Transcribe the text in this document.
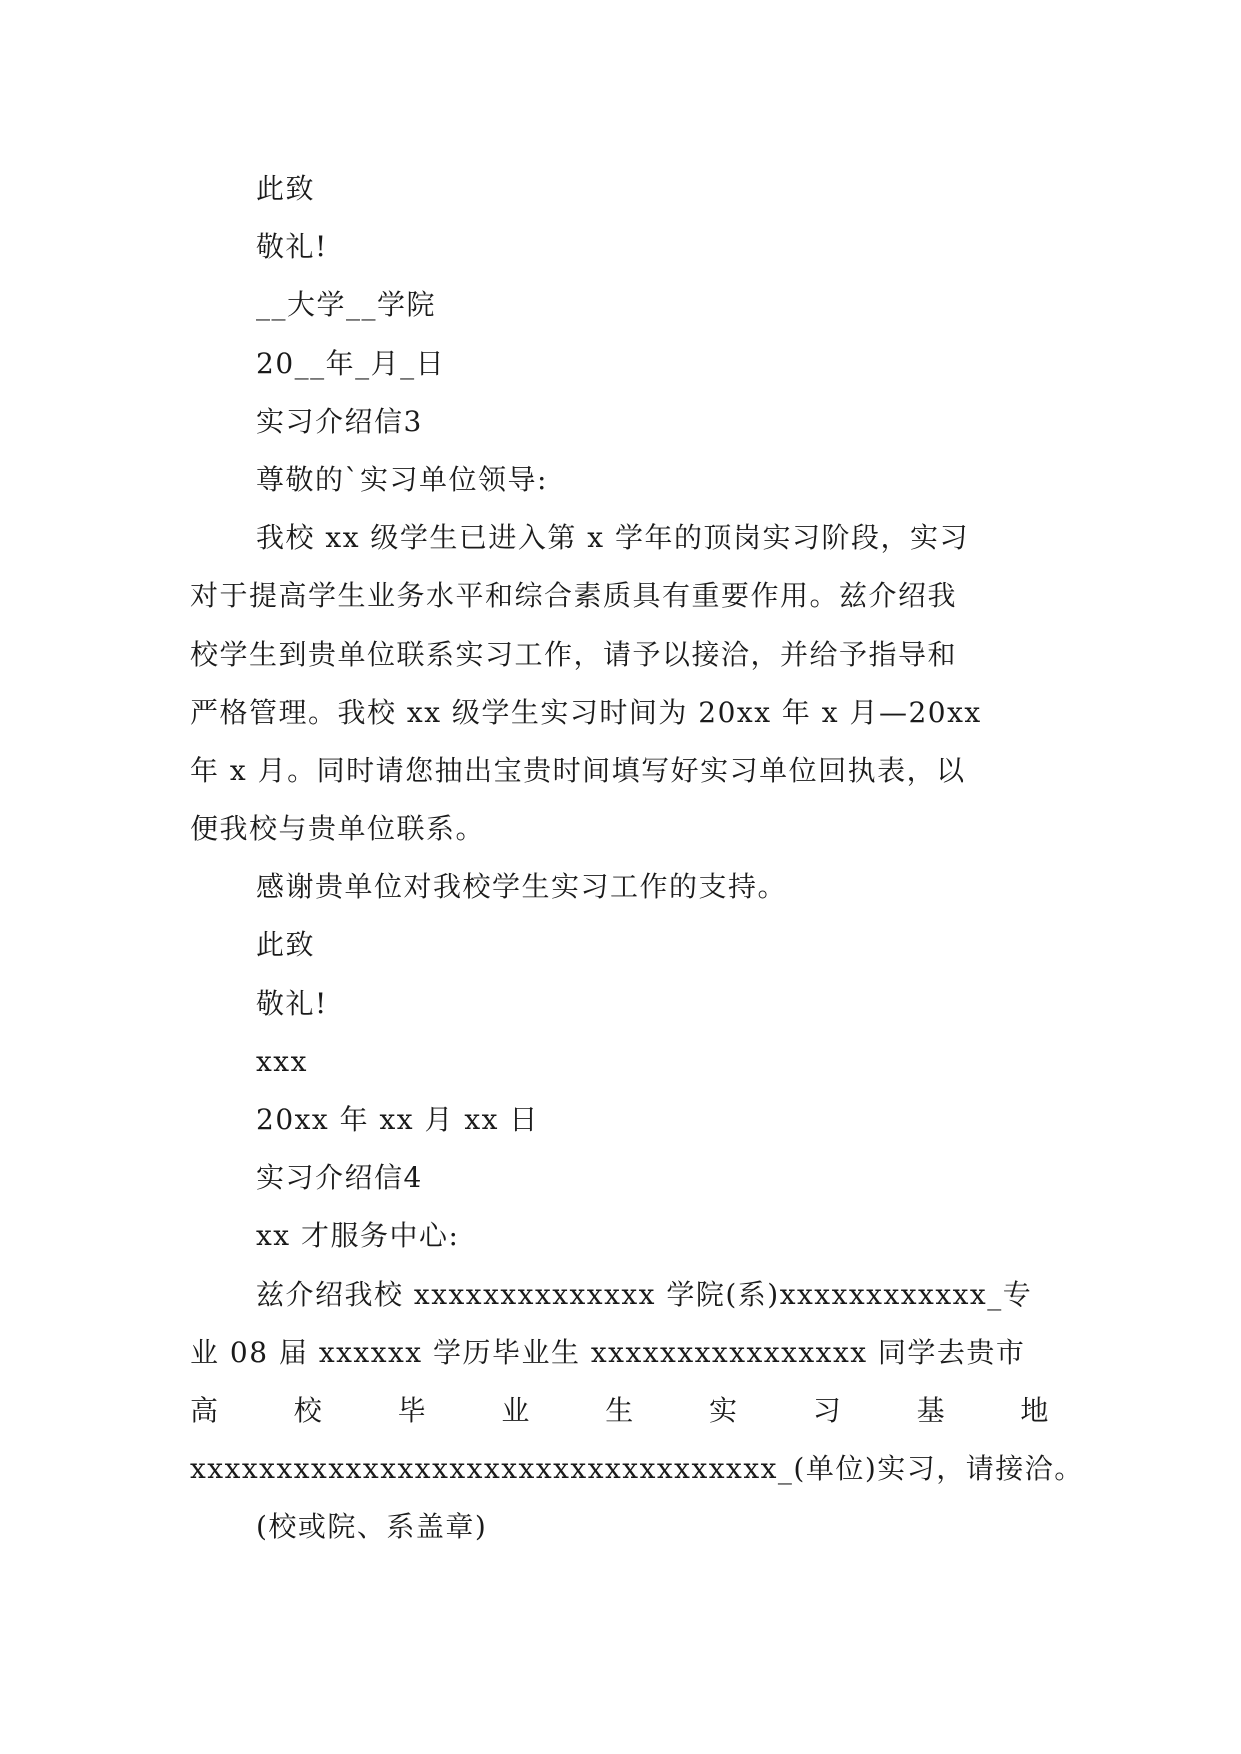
此致
敬礼!
__大学__学院
20__年_月_日
实习介绍信3
尊敬的`实习单位领导:
我校 xx 级学生已进入第 x 学年的顶岗实习阶段，实习
对于提高学生业务水平和综合素质具有重要作用。兹介绍我
校学生到贵单位联系实习工作，请予以接洽，并给予指导和
严格管理。我校 xx 级学生实习时间为 20xx 年 x 月—20xx
年 x 月。同时请您抽出宝贵时间填写好实习单位回执表，以
便我校与贵单位联系。
感谢贵单位对我校学生实习工作的支持。
此致
敬礼!
xxx
20xx 年 xx 月 xx 日
实习介绍信4
xx 才服务中心:
兹介绍我校 xxxxxxxxxxxxxx 学院(系)xxxxxxxxxxxx_专
业 08 届 xxxxxx 学历毕业生 xxxxxxxxxxxxxxxx 同学去贵市
高	校	毕	业	生	实	习	基	地
xxxxxxxxxxxxxxxxxxxxxxxxxxxxxxxxxx_(单位)实习，请接洽。
(校或院、系盖章)
